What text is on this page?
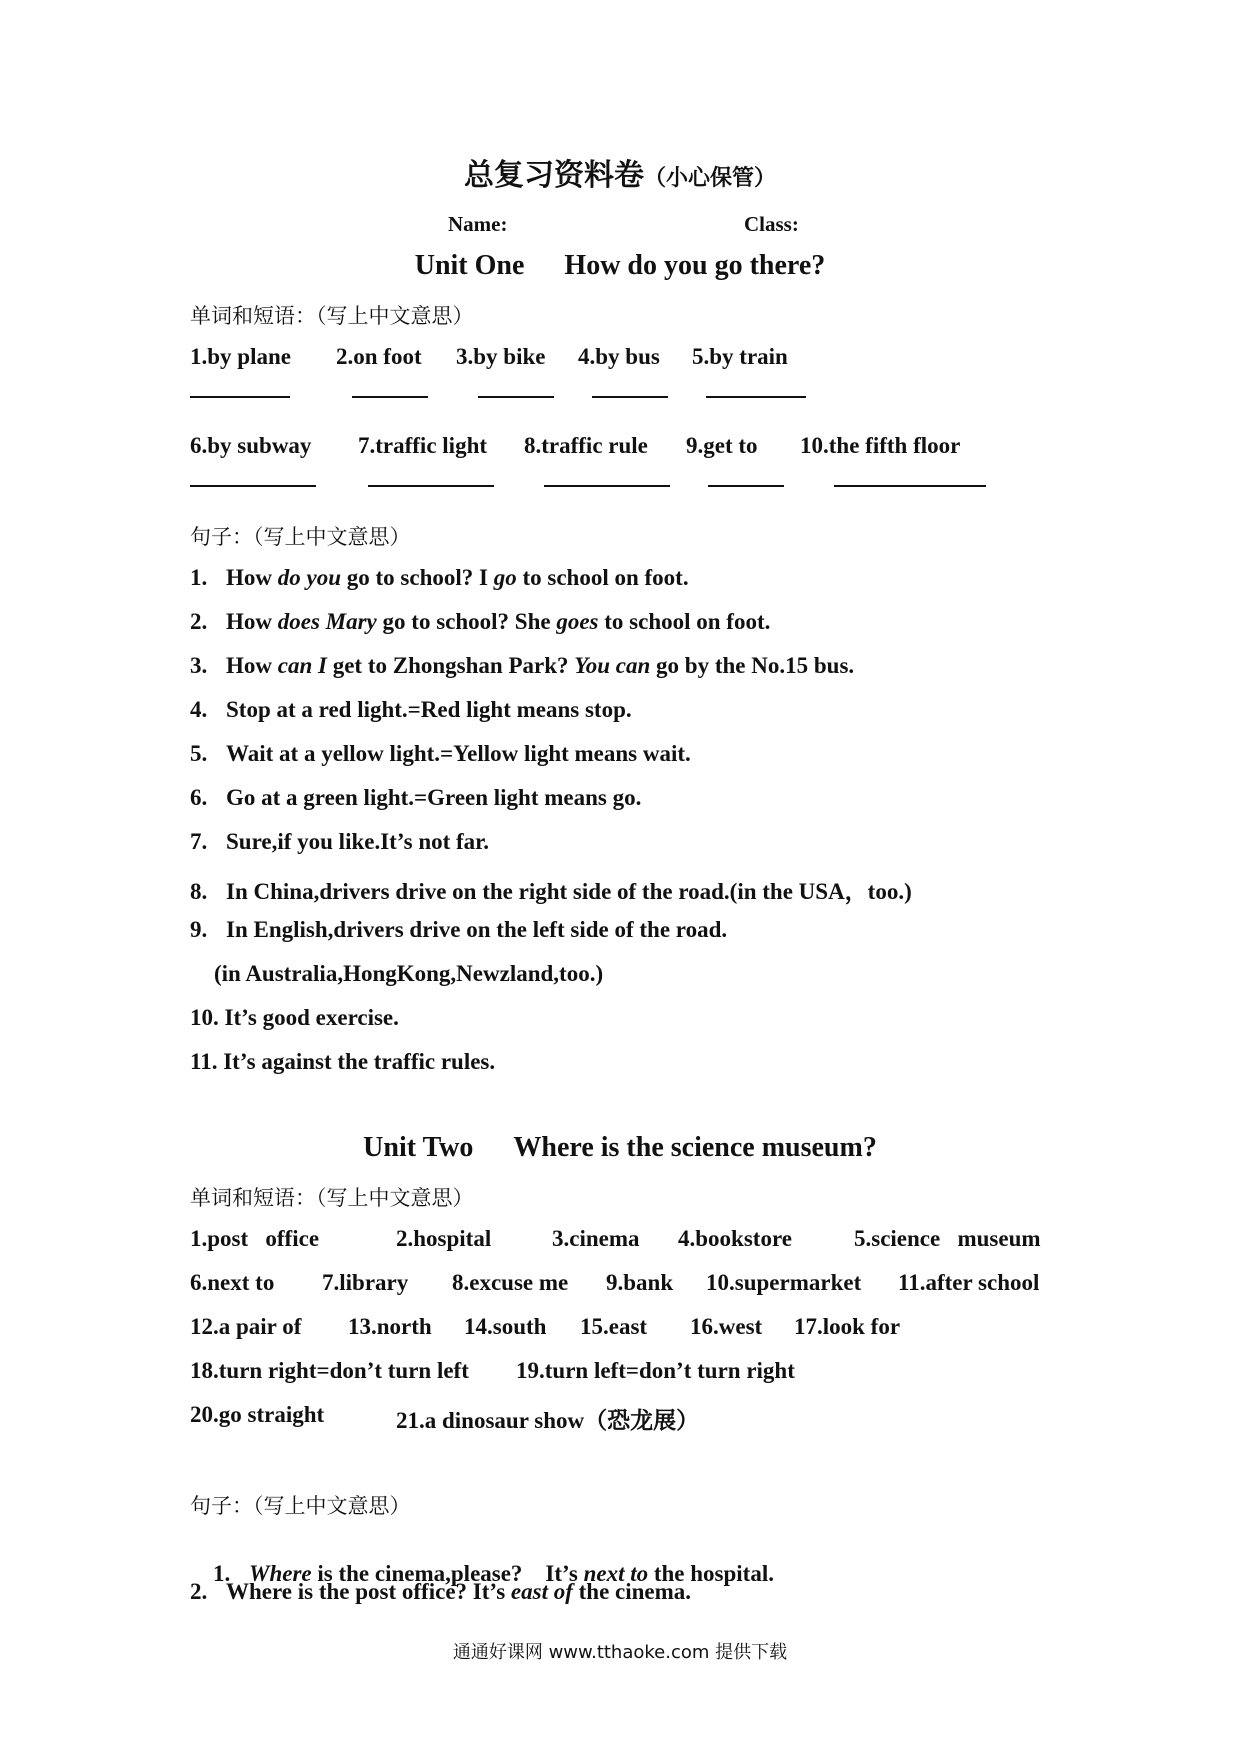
总复习资料卷（小心保管）
Name:	Class:
Unit One How do you go there?
单词和短语：（写上中文意思）
1.by plane 2.on foot 3.by bike 4.by bus 5.by train
6.by subway 7.traffic light 8.traffic rule 9.get to 10.the fifth floor
句子：（写上中文意思）
1. How do you go to school? I go to school on foot.
2. How does Mary go to school? She goes to school on foot.
3. How can I get to Zhongshan Park? You can go by the No.15 bus.
4. Stop at a red light.=Red light means stop.
5. Wait at a yellow light.=Yellow light means wait.
6. Go at a green light.=Green light means go.
7. Sure,if you like.It’s not far.
8. In China,drivers drive on the right side of the road.(in the USA，too.)
9. In English,drivers drive on the left side of the road.
(in Australia,HongKong,Newzland,too.)
10. It’s good exercise.
11. It’s against the traffic rules.
Unit Two Where is the science museum?
单词和短语：（写上中文意思）
1.post   office	2.hospital	3.cinema 4.bookstore	5.science   museum
6.next to 7.library 8.excuse me 9.bank 10.supermarket 11.after school
12.a pair of 13.north 14.south 15.east 16.west 17.look for
18.turn right=don’t turn left 19.turn left=don’t turn right
20.go straight	21.a dinosaur show（恐龙展）
句子：（写上中文意思）

1. Where is the cinema,please?    It’s next to the hospital.

2. Where is the post office? It’s east of the cinema.
通通好课网 www.tthaoke.com 提供下载
